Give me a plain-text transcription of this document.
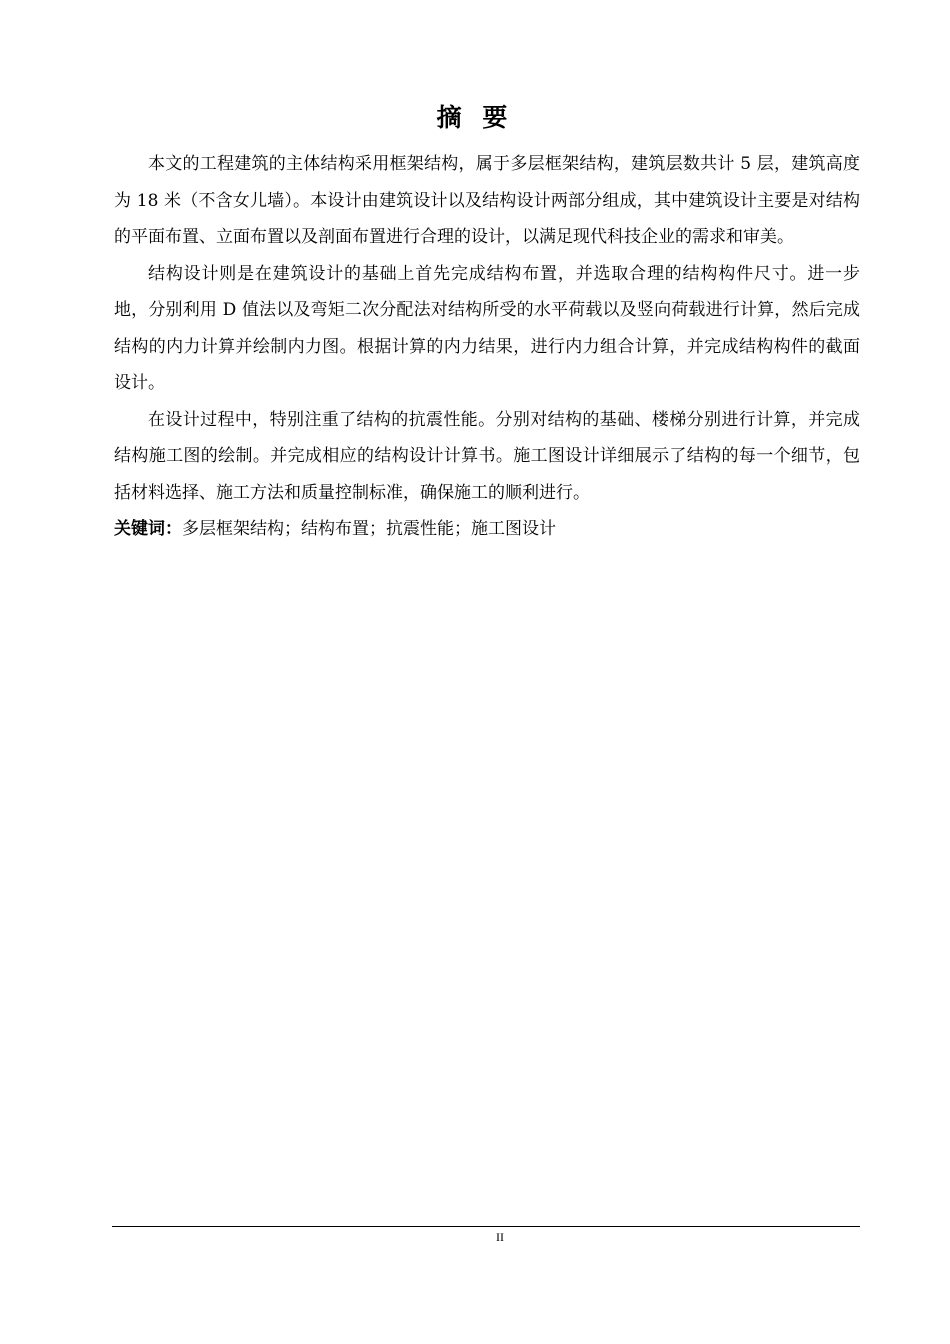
摘 要

本文的工程建筑的主体结构采用框架结构，属于多层框架结构，建筑层数共计 5 层，建筑高度为 18 米（不含女儿墙）。本设计由建筑设计以及结构设计两部分组成，其中建筑设计主要是对结构的平面布置、立面布置以及剖面布置进行合理的设计，以满足现代科技企业的需求和审美。

结构设计则是在建筑设计的基础上首先完成结构布置，并选取合理的结构构件尺寸。进一步地，分别利用 D 值法以及弯矩二次分配法对结构所受的水平荷载以及竖向荷载进行计算，然后完成结构的内力计算并绘制内力图。根据计算的内力结果，进行内力组合计算，并完成结构构件的截面设计。

在设计过程中，特别注重了结构的抗震性能。分别对结构的基础、楼梯分别进行计算，并完成结构施工图的绘制。并完成相应的结构设计计算书。施工图设计详细展示了结构的每一个细节，包括材料选择、施工方法和质量控制标准，确保施工的顺利进行。

关键词：多层框架结构；结构布置；抗震性能；施工图设计

II
